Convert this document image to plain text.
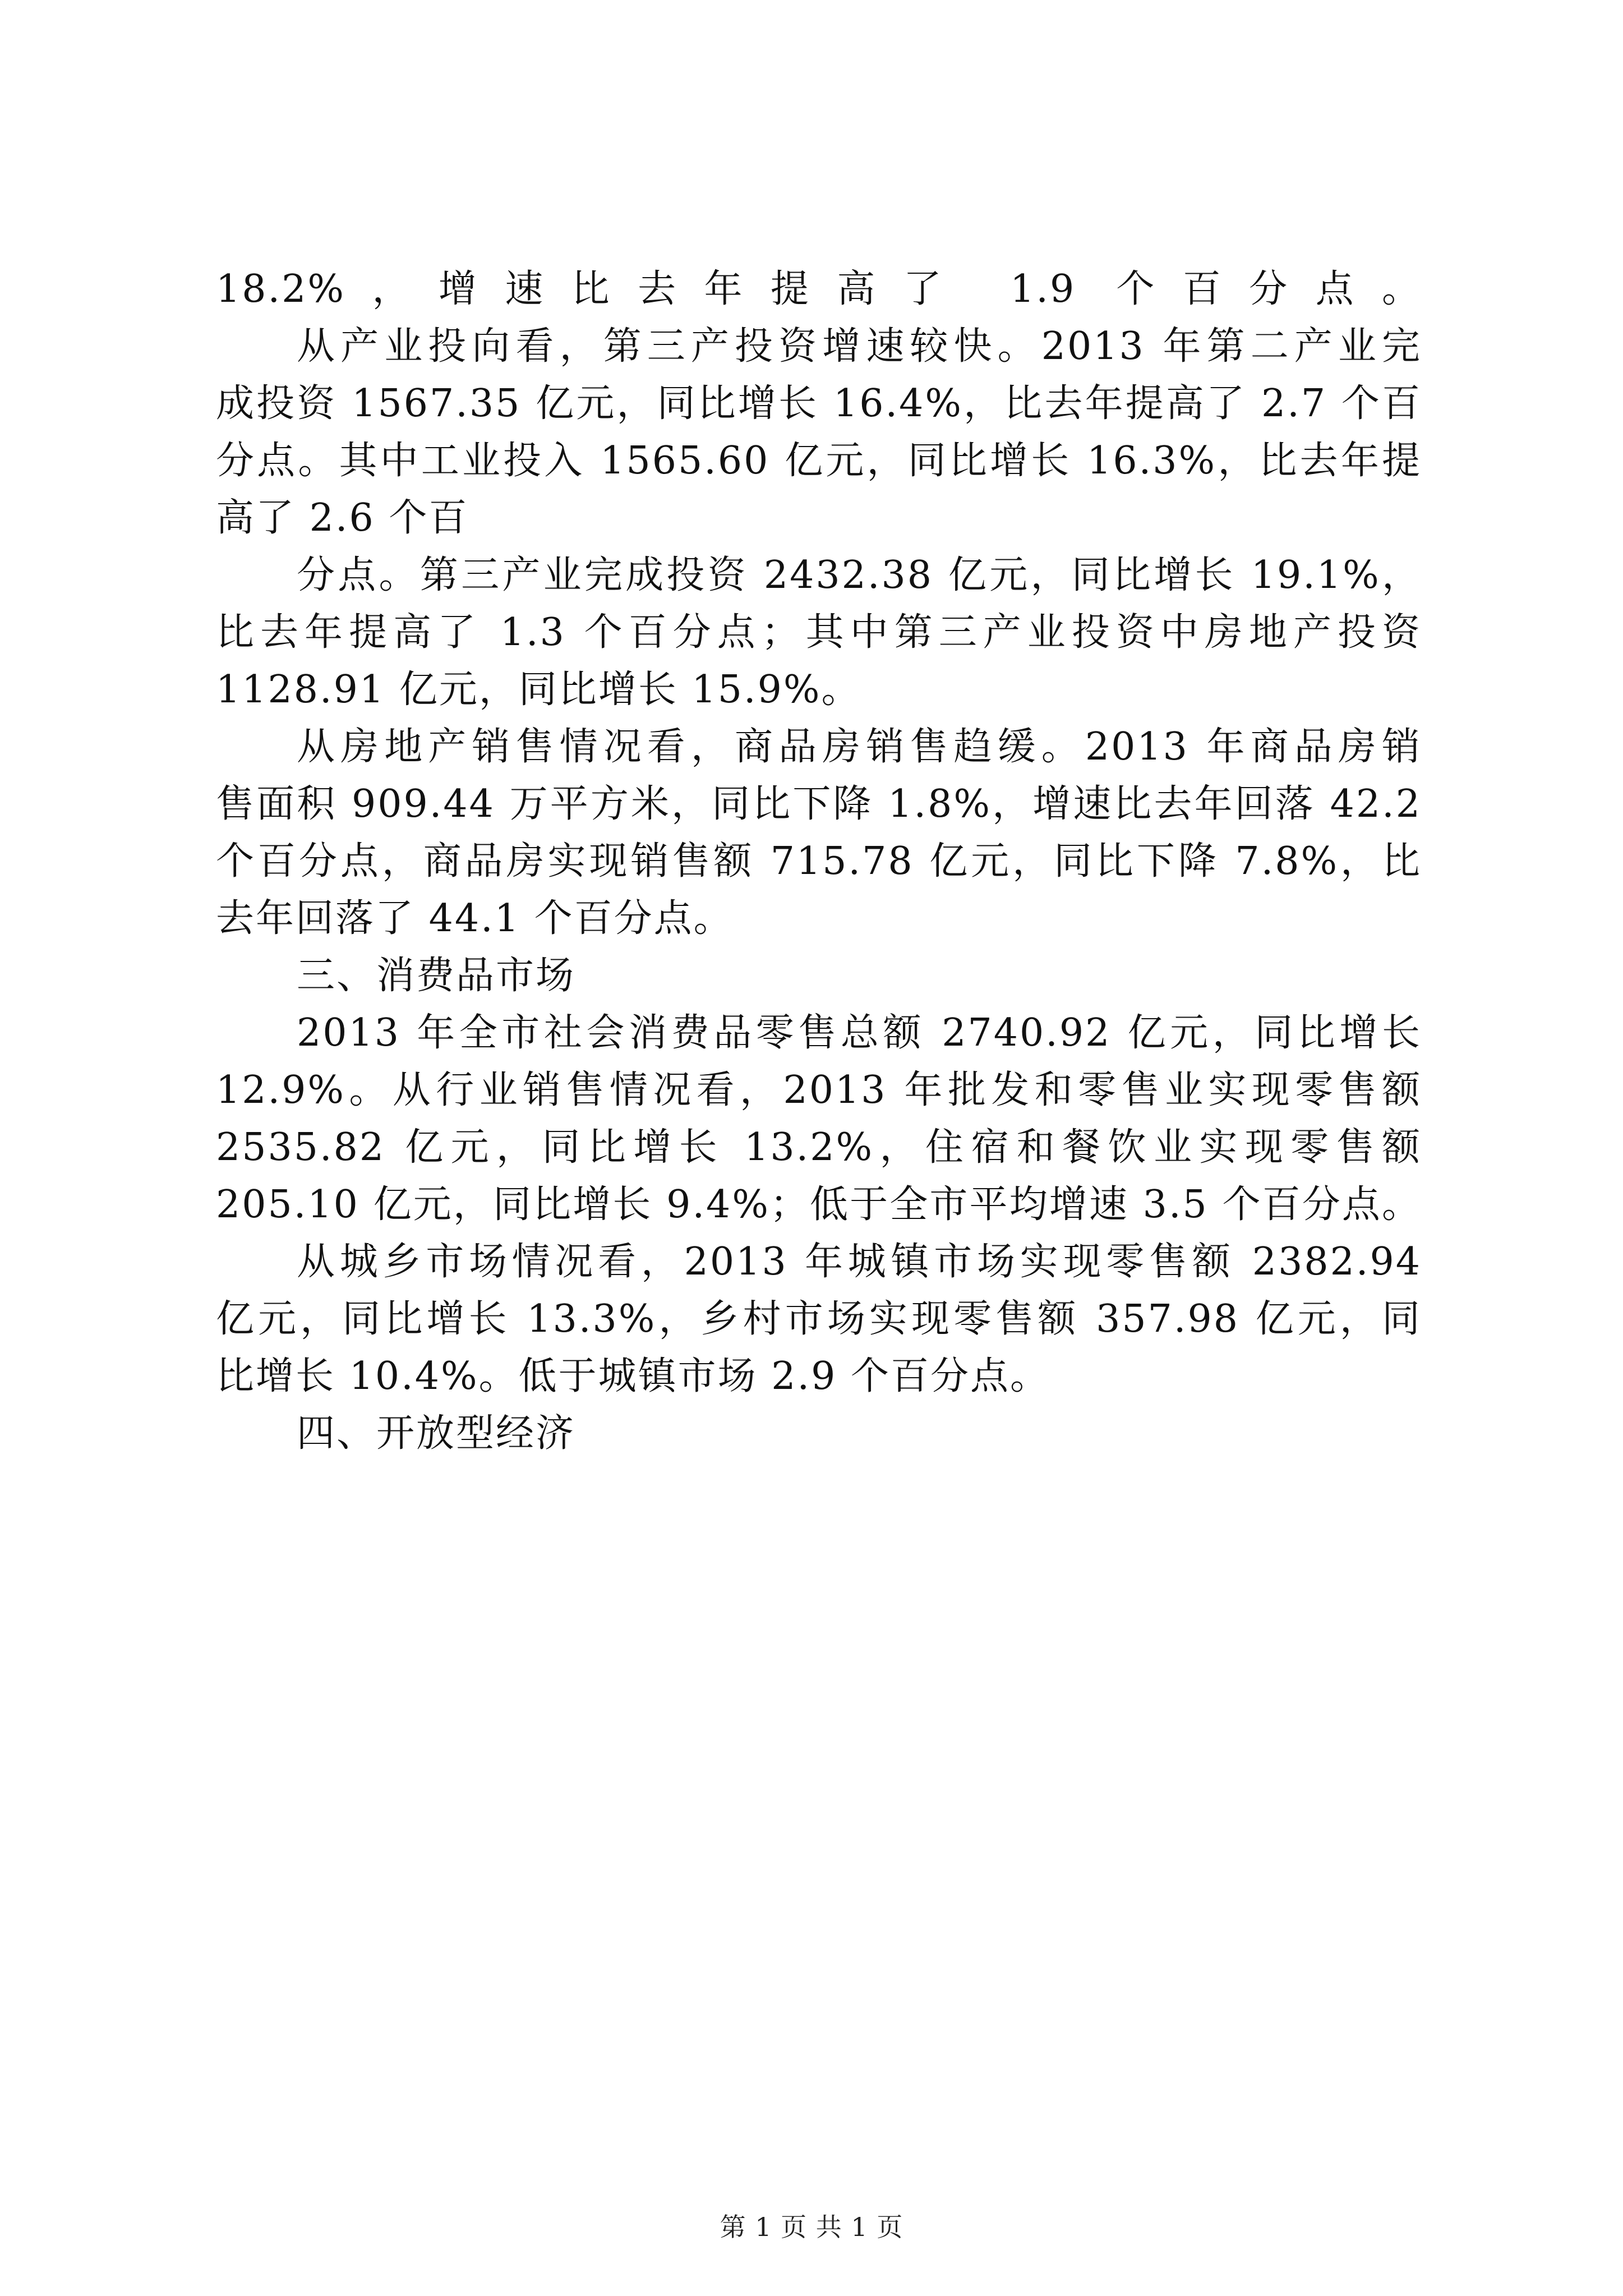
18.2%，增速比去年提高了 1.9 个百分点。
从产业投向看，第三产投资增速较快。2013 年第二产业完
成投资 1567.35 亿元，同比增长 16.4%，比去年提高了 2.7 个百
分点。其中工业投入 1565.60 亿元，同比增长 16.3%，比去年提
高了 2.6 个百
分点。第三产业完成投资 2432.38 亿元，同比增长 19.1%，
比去年提高了 1.3 个百分点；其中第三产业投资中房地产投资
1128.91 亿元，同比增长 15.9%。
从房地产销售情况看，商品房销售趋缓。2013 年商品房销
售面积 909.44 万平方米，同比下降 1.8%，增速比去年回落 42.2
个百分点，商品房实现销售额 715.78 亿元，同比下降 7.8%，比
去年回落了 44.1 个百分点。
三、消费品市场
2013 年全市社会消费品零售总额 2740.92 亿元，同比增长
12.9%。从行业销售情况看，2013 年批发和零售业实现零售额
2535.82 亿元，同比增长 13.2%，住宿和餐饮业实现零售额
205.10 亿元，同比增长 9.4%；低于全市平均增速 3.5 个百分点。
从城乡市场情况看，2013 年城镇市场实现零售额 2382.94
亿元，同比增长 13.3%，乡村市场实现零售额 357.98 亿元，同
比增长 10.4%。低于城镇市场 2.9 个百分点。
四、开放型经济
第 1 页 共 1 页
